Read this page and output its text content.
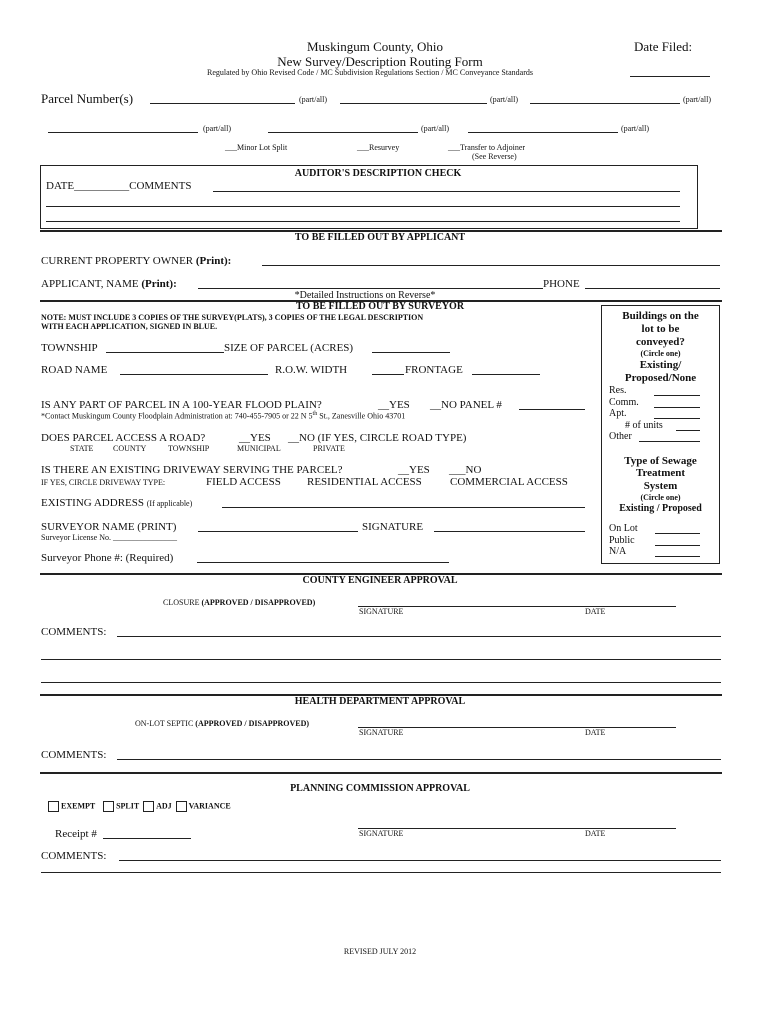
Muskingum County, Ohio
New Survey/Description Routing Form
Regulated by Ohio Revised Code / MC Subdivision Regulations Section / MC Conveyance Standards
Date Filed:
Parcel Number(s)	(part/all)	(part/all)	(part/all)
(part/all)	(part/all)	(part/all)
___Minor Lot Split	___Resurvey	___Transfer to Adjoiner
(See Reverse)
AUDITOR'S DESCRIPTION CHECK
DATE__________COMMENTS
TO BE FILLED OUT BY APPLICANT
CURRENT PROPERTY OWNER (Print):
APPLICANT, NAME (Print):	PHONE
*Detailed Instructions on Reverse*
TO BE FILLED OUT BY SURVEYOR
NOTE: MUST INCLUDE 3 COPIES OF THE SURVEY(PLATS), 3 COPIES OF THE LEGAL DESCRIPTION
WITH EACH APPLICATION, SIGNED IN BLUE.
TOWNSHIP	SIZE OF PARCEL (ACRES)
ROAD NAME	R.O.W. WIDTH	FRONTAGE
IS ANY PART OF PARCEL IN A 100-YEAR FLOOD PLAIN?	__YES __NO PANEL #
*Contact Muskingum County Floodplain Administration at: 740-455-7905 or 22 N 5th St., Zanesville Ohio 43701
DOES PARCEL ACCESS A ROAD?	__YES __NO (IF YES, CIRCLE ROAD TYPE)
STATE COUNTY	TOWNSHIP	MUNICIPAL	PRIVATE
IS THERE AN EXISTING DRIVEWAY SERVING THE PARCEL?	__YES ___NO
IF YES, CIRCLE DRIVEWAY TYPE:	FIELD ACCESS RESIDENTIAL ACCESS	COMMERCIAL ACCESS
EXISTING ADDRESS (If applicable)
SURVEYOR NAME (PRINT)	SIGNATURE
Surveyor License No. ________________
Surveyor Phone #: (Required)
Buildings on the
lot to be
conveyed?
(Circle one)
Existing/
Proposed/None
Res.
Comm.
Apt.
# of units
Other
Type of Sewage
Treatment
System
(Circle one)
Existing / Proposed
On Lot
Public
N/A
COUNTY ENGINEER APPROVAL
CLOSURE (APPROVED / DISAPPROVED)
SIGNATURE	DATE
COMMENTS:
HEALTH DEPARTMENT APPROVAL
ON-LOT SEPTIC (APPROVED / DISAPPROVED)
SIGNATURE	DATE
COMMENTS:
PLANNING COMMISSION APPROVAL
EXEMPT	SPLIT ADJ VARIANCE
Receipt #	SIGNATURE	DATE
COMMENTS:
REVISED JULY 2012
